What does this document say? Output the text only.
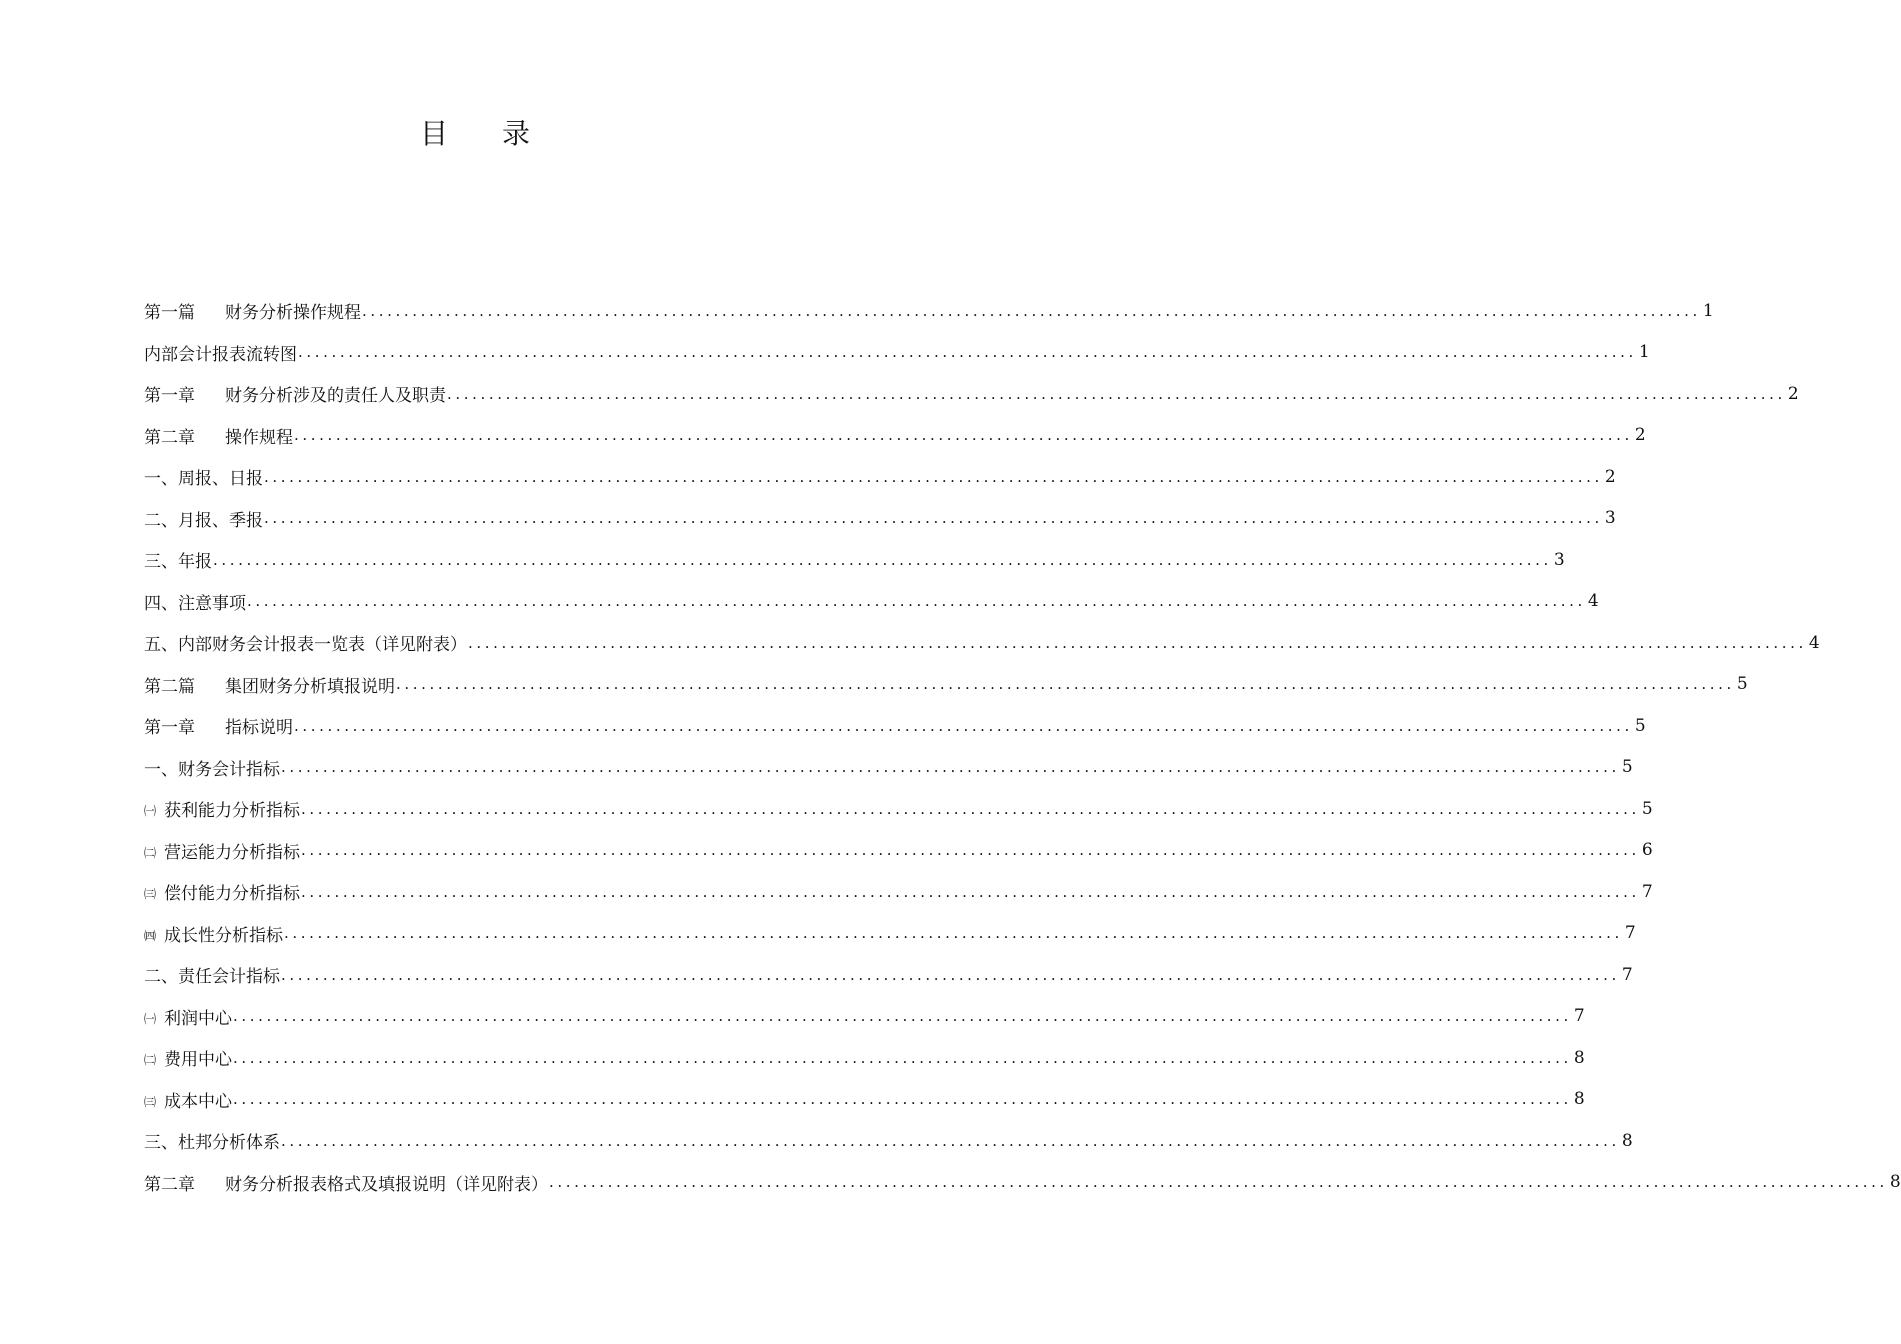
目 录
第一篇 财务分析操作规程 ................................................................................................................................................................ 1
内部会计报表流转图 ................................................................................................................................................................ 1
第一章 财务分析涉及的责任人及职责 ................................................................................................................................................................ 2
第二章 操作规程 ................................................................................................................................................................ 2
一、周报、日报 ................................................................................................................................................................ 2
二、月报、季报 ................................................................................................................................................................ 3
三、年报 ................................................................................................................................................................ 3
四、注意事项 ................................................................................................................................................................ 4
五、内部财务会计报表一览表（详见附表） ................................................................................................................................................................ 4
第二篇 集团财务分析填报说明 ................................................................................................................................................................ 5
第一章 指标说明 ................................................................................................................................................................ 5
一、财务会计指标 ................................................................................................................................................................ 5
㈠ 获利能力分析指标 ................................................................................................................................................................ 5
㈡ 营运能力分析指标 ................................................................................................................................................................ 6
㈢ 偿付能力分析指标 ................................................................................................................................................................ 7
㈣ 成长性分析指标 ................................................................................................................................................................ 7
二、责任会计指标 ................................................................................................................................................................ 7
㈠ 利润中心 ................................................................................................................................................................ 7
㈡ 费用中心 ................................................................................................................................................................ 8
㈢ 成本中心 ................................................................................................................................................................ 8
三、杜邦分析体系 ................................................................................................................................................................ 8
第二章 财务分析报表格式及填报说明（详见附表） ................................................................................................................................................................ 8
